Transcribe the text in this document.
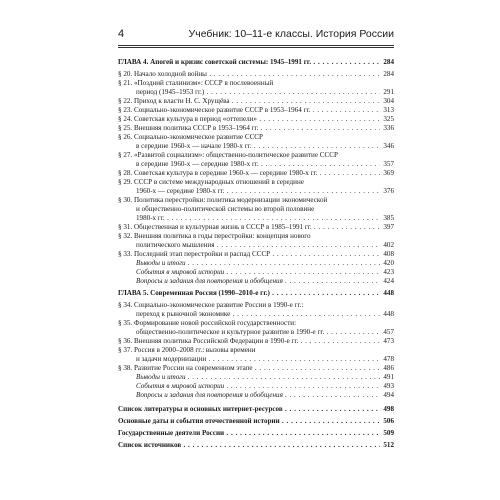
4	Учебник: 10–11-е классы. История России
ГЛАВА 4. Апогей и кризис советской системы: 1945–1991 гг. . . .	284
§ 20. Начало холодной войны . . .	284
§ 21. «Поздний сталинизм»: СССР в послевоенный
период (1945–1953 гг.) . . .	291
§ 22. Приход к власти Н. С. Хрущёва . . .	304
§ 23. Социально-экономическое развитие СССР в 1953–1964 гг. . . .	313
§ 24. Советская культура в период «оттепели» . . .	325
§ 25. Внешняя политика СССР в 1953–1964 гг. . . .	336
§ 26. Социально-экономическое развитие СССР
в середине 1960-х — начале 1980-х гг. . . .	346
§ 27. «Развитой социализм»: общественно-политическое развитие СССР
в середине 1960-х — середине 1980-х гг. . . .	357
§ 28. Советская культура в середине 1960-х — середине 1980-х гг. . . .	369
§ 29. СССР в системе международных отношений в середине
1960-х — середине 1980-х гг. . . .	376
§ 30. Политика перестройки: политика модернизации экономической
и общественно-политической системы во второй половине
1980-х гг. . . .	385
§ 31. Общественная и культурная жизнь в СССР в 1985–1991 гг. . . .	397
§ 32. Внешняя политика в годы перестройки: концепция нового
политического мышления . . .	402
§ 33. Последний этап перестройки и распад СССР . . .	408
Выводы и итоги . . .	420
События в мировой истории . . .	423
Вопросы и задания для повторения и обобщения . . .	424
ГЛАВА 5. Современная Россия (1990–2010-е гг.) . . .	448
§ 34. Социально-экономическое развитие России в 1990-е гг.:
переход к рыночной экономике . . .	448
§ 35. Формирование новой российской государственности:
общественно-политическое и культурное развитие в 1990-е гг. . . .	457
§ 36. Внешняя политика Российской Федерации в 1990-е гг. . . .	473
§ 37. Россия в 2000–2008 гг.: вызовы времени
и задачи модернизации . . .	478
§ 38. Развитие России на современном этапе . . .	486
Выводы и итоги . . .	491
События в мировой истории . . .	493
Вопросы и задания для повторения и обобщения . . .	494
Список литературы и основных интернет-ресурсов . . .	498
Основные даты и события отечественной истории . . .	506
Государственные деятели России . . .	509
Список источников . . .	512
